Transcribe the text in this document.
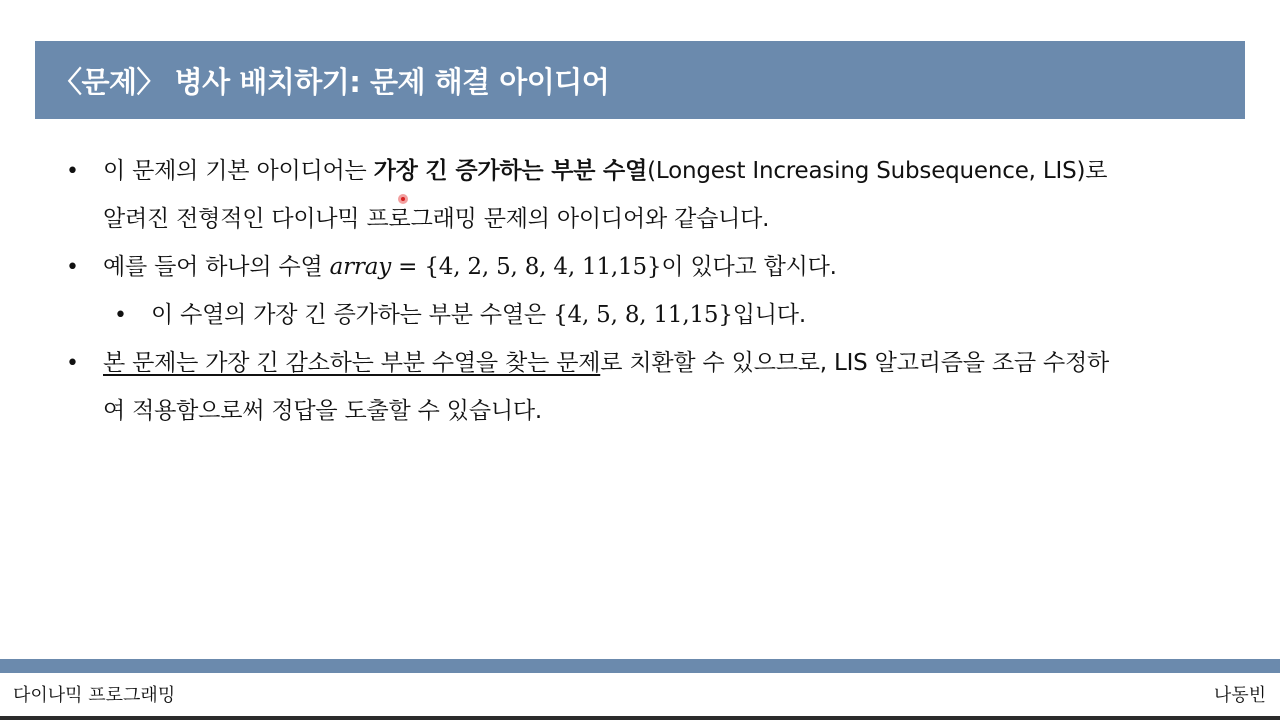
〈문제〉 병사 배치하기: 문제 해결 아이디어
• 이 문제의 기본 아이디어는 가장 긴 증가하는 부분 수열(Longest Increasing Subsequence, LIS)로
알려진 전형적인 다이나믹 프로그래밍 문제의 아이디어와 같습니다.
• 예를 들어 하나의 수열 array = {4, 2, 5, 8, 4, 11,15}이 있다고 합시다.
• 이 수열의 가장 긴 증가하는 부분 수열은 {4, 5, 8, 11,15}입니다.
• 본 문제는 가장 긴 감소하는 부분 수열을 찾는 문제로 치환할 수 있으므로, LIS 알고리즘을 조금 수정하
여 적용함으로써 정답을 도출할 수 있습니다.
다이나믹 프로그래밍	나동빈
